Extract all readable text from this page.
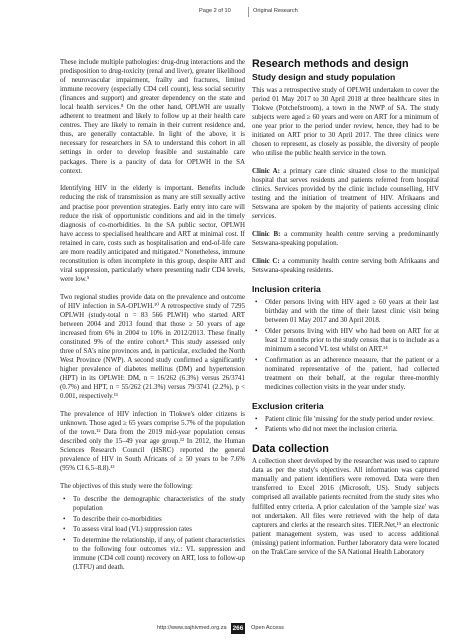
Page 2 of 10	Original Research

These include multiple pathologies: drug-drug interactions and the predisposition to drug-toxicity (renal and liver), greater likelihood of neurovascular impairment, frailty and fractures, limited immune recovery (especially CD4 cell count), less social security (finances and support) and greater dependency on the state and local health services.⁸ On the other hand, OPLWH are usually adherent to treatment and likely to follow up at their health care centres. They are likely to remain in their current residence and, thus, are generally contactable. In light of the above, it is necessary for researchers in SA to understand this cohort in all settings in order to develop feasible and sustainable care packages. There is a paucity of data for OPLWH in the SA context.

Identifying HIV in the elderly is important. Benefits include reducing the risk of transmission as many are still sexually active and practise poor prevention strategies. Early entry into care will reduce the risk of opportunistic conditions and aid in the timely diagnosis of co-morbidities. In the SA public sector, OPLWH have access to specialised healthcare and ART at minimal cost. If retained in care, costs such as hospitalisation and end-of-life care are more readily anticipated and mitigated.⁹ Nonetheless, immune reconstitution is often incomplete in this group, despite ART and viral suppression, particularly where presenting nadir CD4 levels, were low.⁵

Two regional studies provide data on the prevalence and outcome of HIV infection in SA-OPLWH.¹⁰ A retrospective study of 7295 OPLWH (study-total n = 83 566 PLWH) who started ART between 2004 and 2013 found that those ≥ 50 years of age increased from 6% in 2004 to 10% in 2012/2013. These finally constituted 9% of the entire cohort.⁸ This study assessed only three of SA's nine provinces and, in particular, excluded the North West Province (NWP). A second study confirmed a significantly higher prevalence of diabetes mellitus (DM) and hypertension (HPT) in its OPLWH: DM, n = 16/262 (6.3%) versus 26/3741 (0.7%) and HPT, n = 55/262 (21.3%) versus 79/3741 (2.2%), p < 0.001, respectively.¹¹

The prevalence of HIV infection in Tlokwe's older citizens is unknown. Those aged ≥ 65 years comprise 5.7% of the population of the town.¹² Data from the 2019 mid-year population census described only the 15–49 year age group.¹² In 2012, the Human Sciences Research Council (HSRC) reported the general prevalence of HIV in South Africans of ≥ 50 years to be 7.6% (95% CI 6.5–8.8).¹³

The objectives of this study were the following:

• To describe the demographic characteristics of the study population
• To describe their co-morbidities
• To assess viral load (VL) suppression rates
• To determine the relationship, if any, of patient characteristics to the following four outcomes viz.: VL suppression and immune (CD4 cell count) recovery on ART, loss to follow-up (LTFU) and death.
Research methods and design
Study design and study population

This was a retrospective study of OPLWH undertaken to cover the period 01 May 2017 to 30 April 2018 at three healthcare sites in Tlokwe (Potchefstroom), a town in the NWP of SA. The study subjects were aged ≥ 60 years and were on ART for a minimum of one year prior to the period under review, hence, they had to be initiated on ART prior to 30 April 2017. The three clinics were chosen to represent, as closely as possible, the diversity of people who utilise the public health service in the town.

Clinic A: a primary care clinic situated close to the municipal hospital that serves residents and patients referred from hospital clinics. Services provided by the clinic include counselling, HIV testing and the initiation of treatment of HIV. Afrikaans and Setswana are spoken by the majority of patients accessing clinic services.

Clinic B: a community health centre serving a predominantly Setswana-speaking population.

Clinic C: a community health centre serving both Afrikaans and Setswana-speaking residents.

Inclusion criteria
• Older persons living with HIV aged ≥ 60 years at their last birthday and with the time of their latest clinic visit being between 01 May 2017 and 30 April 2018.
• Older persons living with HIV who had been on ART for at least 12 months prior to the study census that is to include as a minimum a second VL test whilst on ART.¹⁴
• Confirmation as an adherence measure, that the patient or a nominated representative of the patient, had collected treatment on their behalf, at the regular three-monthly medicines collection visits in the year under study.
Exclusion criteria
• Patient clinic file 'missing' for the study period under review.
• Patients who did not meet the inclusion criteria.
Data collection

A collection sheet developed by the researcher was used to capture data as per the study's objectives. All information was captured manually and patient identifiers were removed. Data were then transferred to Excel 2016 (Microsoft, US). Study subjects comprised all available patients recruited from the study sites who fulfilled entry criteria. A prior calculation of the 'sample size' was not undertaken. All files were retrieved with the help of data capturers and clerks at the research sites. TIER.Net,¹⁵ an electronic patient management system, was used to access additional (missing) patient information. Further laboratory data were located on the TrakCare service of the SA National Health Laboratory

http://www.sajhivmed.org.za 266 Open Access
